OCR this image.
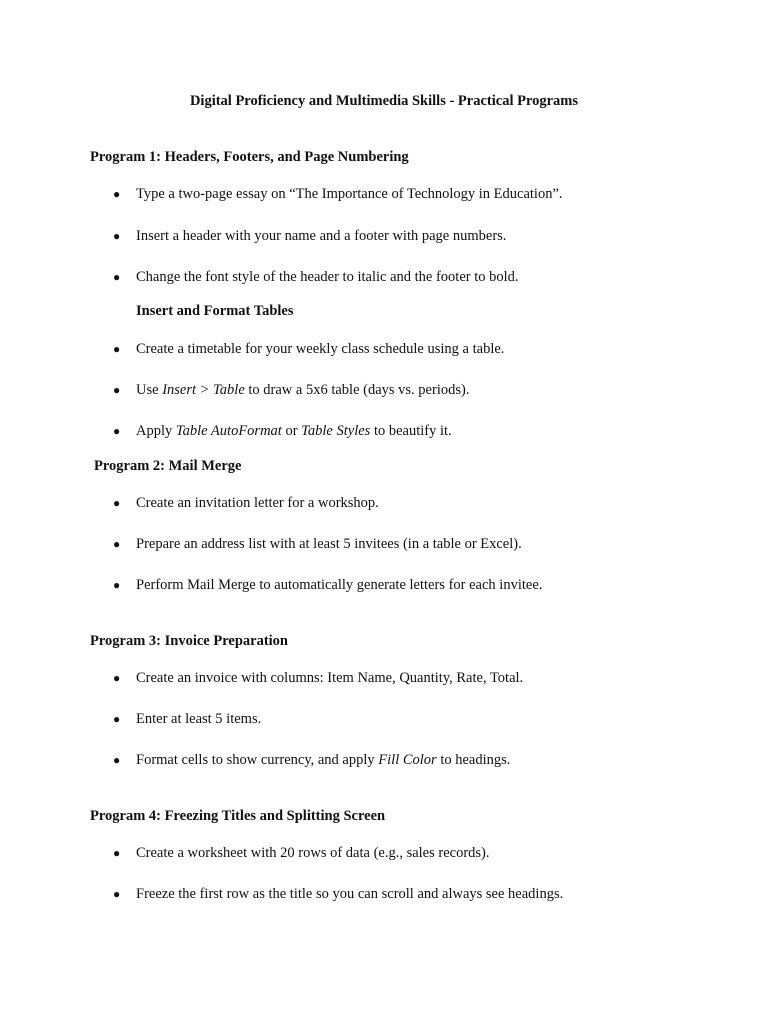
Digital Proficiency and Multimedia Skills - Practical Programs
Program 1: Headers, Footers, and Page Numbering
● Type a two-page essay on “The Importance of Technology in Education”.
● Insert a header with your name and a footer with page numbers.
● Change the font style of the header to italic and the footer to bold.
Insert and Format Tables
● Create a timetable for your weekly class schedule using a table.
● Use Insert > Table to draw a 5x6 table (days vs. periods).
● Apply Table AutoFormat or Table Styles to beautify it.
Program 2: Mail Merge
● Create an invitation letter for a workshop.
● Prepare an address list with at least 5 invitees (in a table or Excel).
● Perform Mail Merge to automatically generate letters for each invitee.
Program 3: Invoice Preparation
● Create an invoice with columns: Item Name, Quantity, Rate, Total.
● Enter at least 5 items.
● Format cells to show currency, and apply Fill Color to headings.
Program 4: Freezing Titles and Splitting Screen
● Create a worksheet with 20 rows of data (e.g., sales records).
● Freeze the first row as the title so you can scroll and always see headings.
